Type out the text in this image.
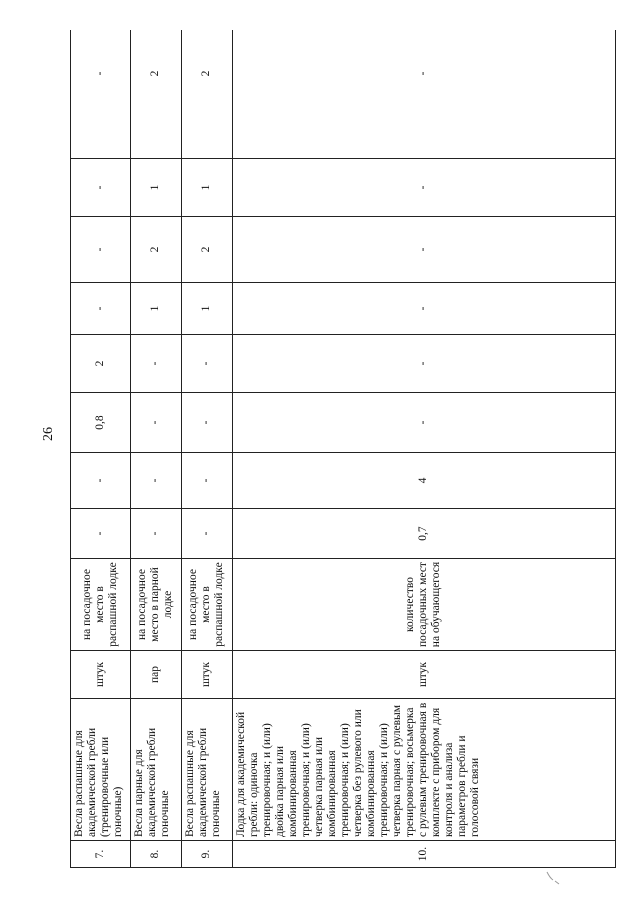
26
7.	Весла распашные для академической гребли (тренировочные или гоночные)	штук	на посадочное место в распашной лодке	-	-	0,8	2	-	-	-	-
8.	Весла парные для академической гребли гоночные	пар	на посадочное место в парной лодке	-	-	-	-	1	2	1	2
9.	Весла распашные для академической гребли гоночные	штук	на посадочное место в распашной лодке	-	-	-	-	1	2	1	2
10.	Лодка для академической гребли: одиночка тренировочная; и (или) двойка парная или комбинированная тренировочная; и (или) четверка парная или комбинированная тренировочная; и (или) четверка без рулевого или комбинированная тренировочная; и (или) четверка парная с рулевым тренировочная; восьмерка с рулевым тренировочная в комплекте с прибором для контроля и анализа параметров гребли и голосовой связи	штук	количество посадочных мест на обучающегося	0,7	4	-	-	-	-	-	-
